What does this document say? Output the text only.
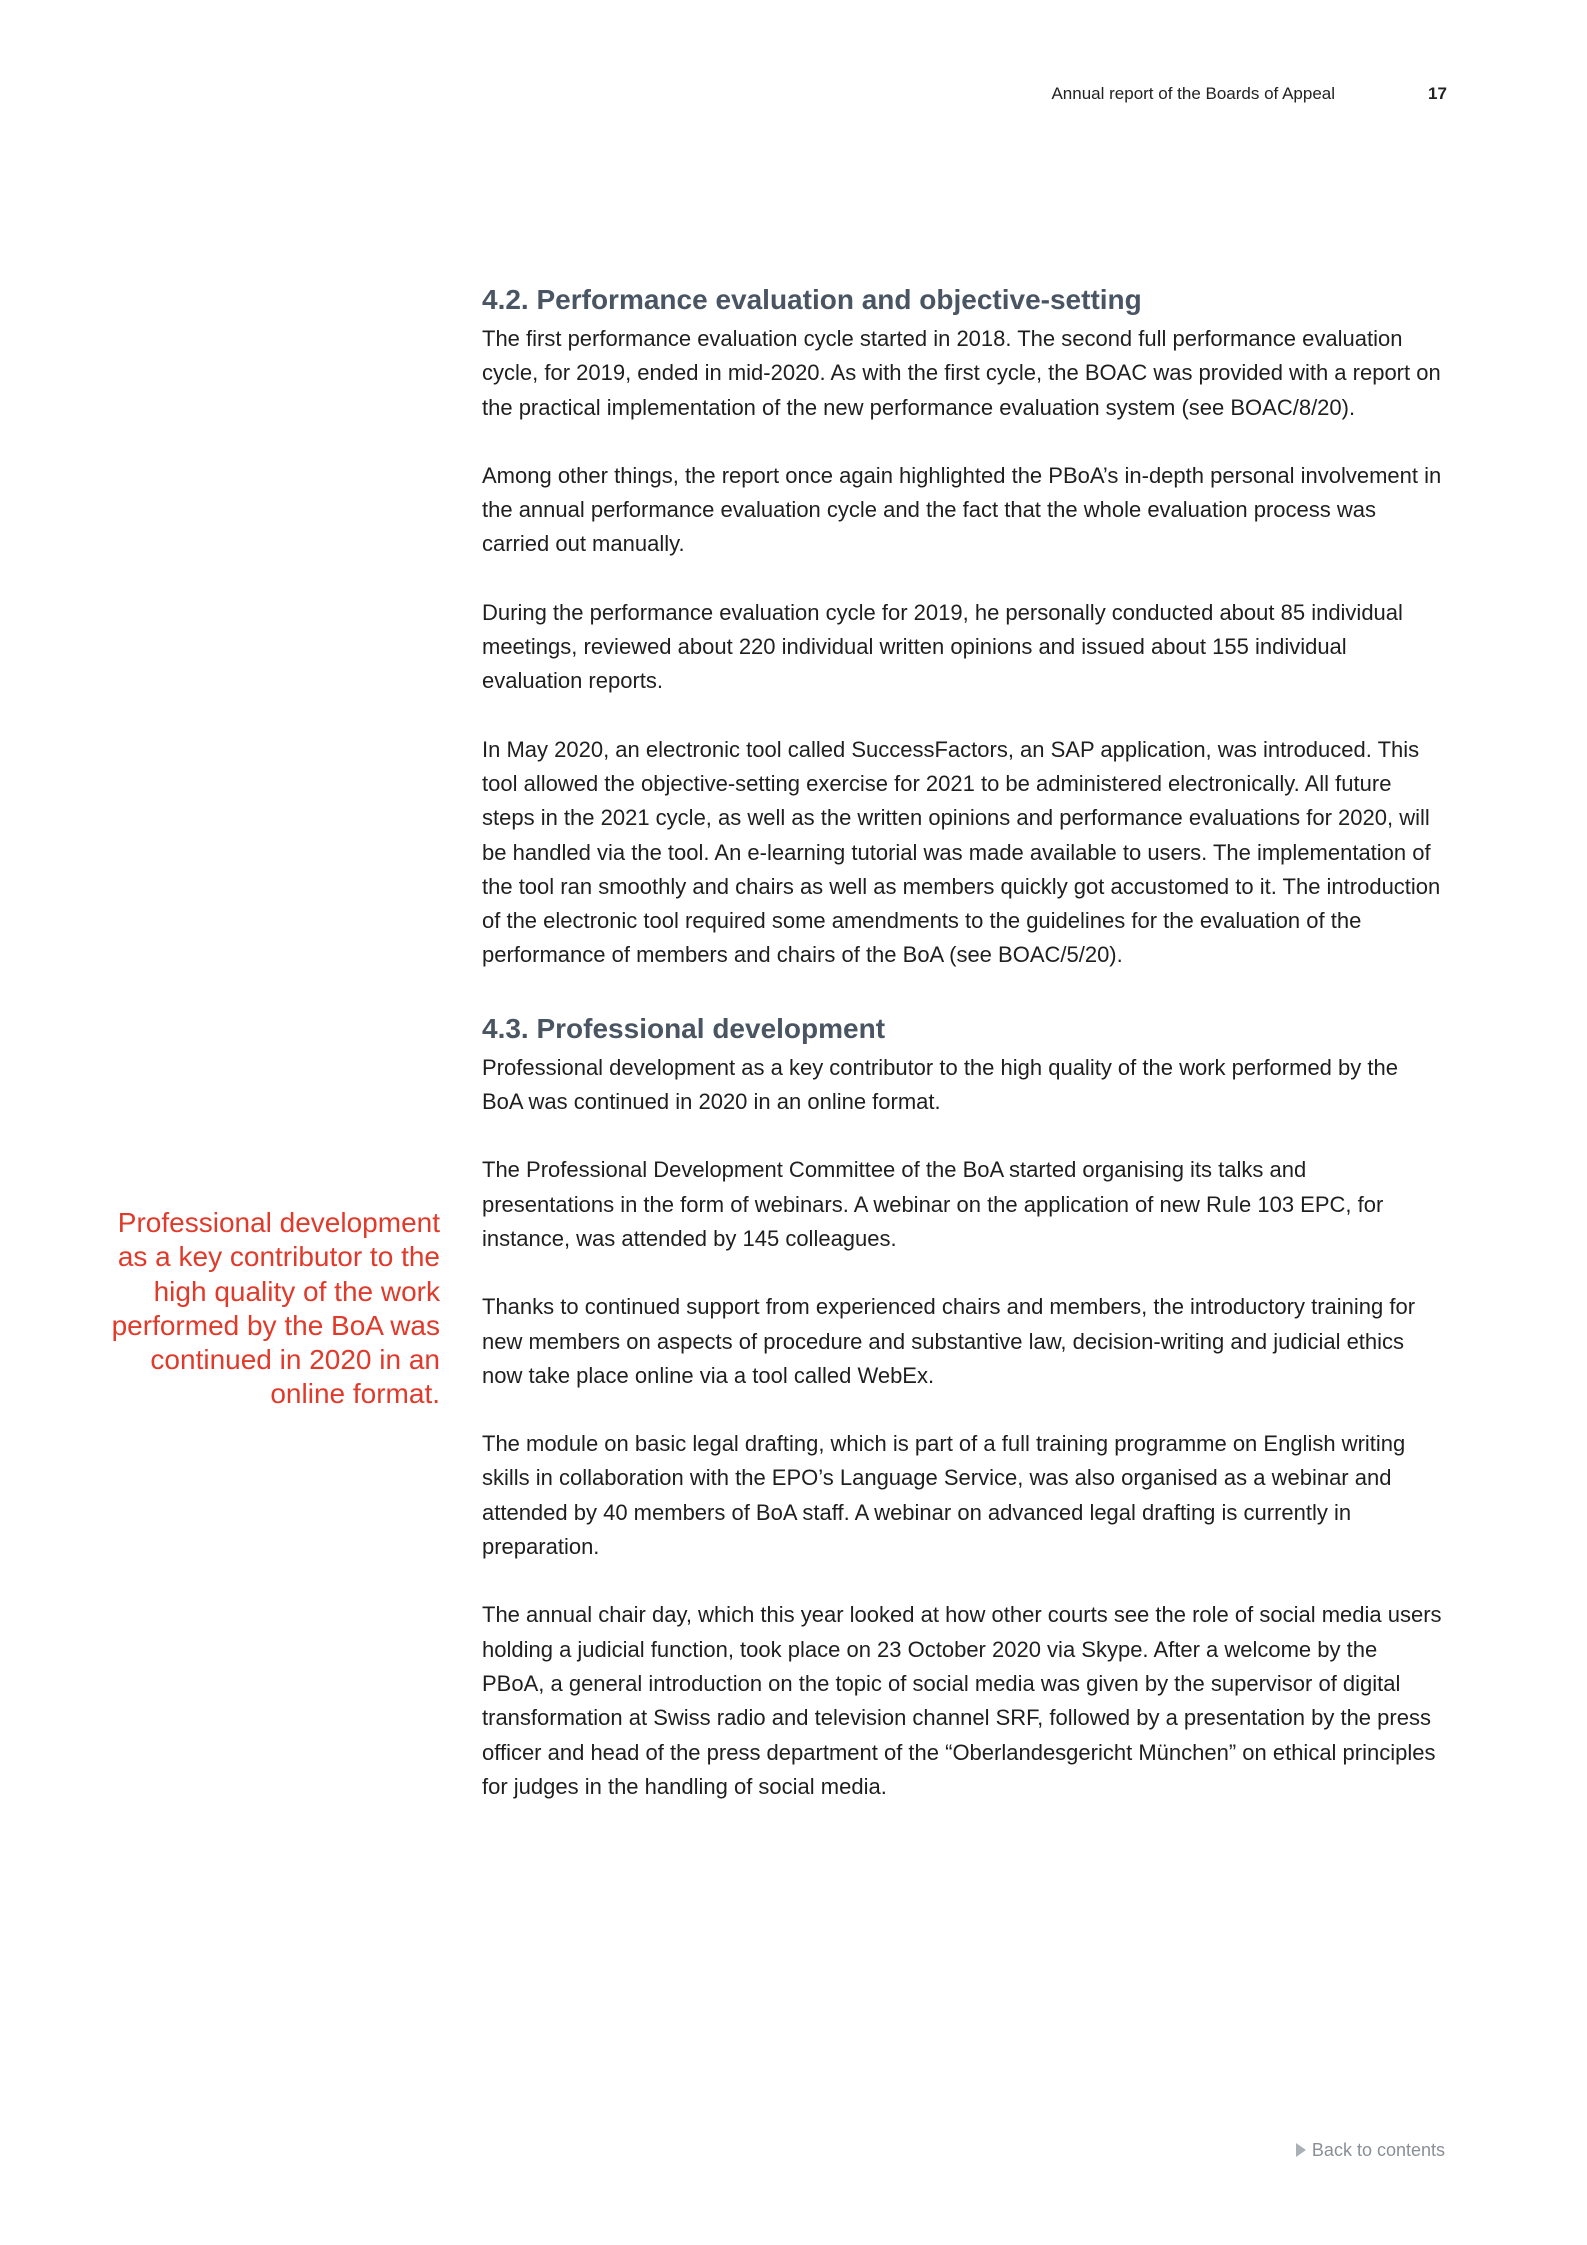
Annual report of the Boards of Appeal	17
4.2. Performance evaluation and objective-setting

The first performance evaluation cycle started in 2018. The second full performance evaluation cycle, for 2019, ended in mid-2020. As with the first cycle, the BOAC was provided with a report on the practical implementation of the new performance evaluation system (see BOAC/8/20).

Among other things, the report once again highlighted the PBoA’s in-depth personal involvement in the annual performance evaluation cycle and the fact that the whole evaluation process was carried out manually.

During the performance evaluation cycle for 2019, he personally conducted about 85 individual meetings, reviewed about 220 individual written opinions and issued about 155 individual evaluation reports.

In May 2020, an electronic tool called SuccessFactors, an SAP application, was introduced. This tool allowed the objective-setting exercise for 2021 to be administered electronically. All future steps in the 2021 cycle, as well as the written opinions and performance evaluations for 2020, will be handled via the tool. An e-learning tutorial was made available to users. The implementation of the tool ran smoothly and chairs as well as members quickly got accustomed to it. The introduction of the electronic tool required some amendments to the guidelines for the evaluation of the performance of members and chairs of the BoA (see BOAC/5/20).

4.3. Professional development

Professional development as a key contributor to the high quality of the work performed by the BoA was continued in 2020 in an online format.

The Professional Development Committee of the BoA started organising its talks and presentations in the form of webinars. A webinar on the application of new Rule 103 EPC, for instance, was attended by 145 colleagues.

Thanks to continued support from experienced chairs and members, the introductory training for new members on aspects of procedure and substantive law, decision-writing and judicial ethics now take place online via a tool called WebEx.

The module on basic legal drafting, which is part of a full training programme on English writing skills in collaboration with the EPO’s Language Service, was also organised as a webinar and attended by 40 members of BoA staff. A webinar on advanced legal drafting is currently in preparation.

The annual chair day, which this year looked at how other courts see the role of social media users holding a judicial function, took place on 23 October 2020 via Skype. After a welcome by the PBoA, a general introduction on the topic of social media was given by the supervisor of digital transformation at Swiss radio and television channel SRF, followed by a presentation by the press officer and head of the press department of the “Oberlandesgericht München” on ethical principles for judges in the handling of social media.

Professional development as a key contributor to the high quality of the work performed by the BoA was continued in 2020 in an online format.
Back to contents
